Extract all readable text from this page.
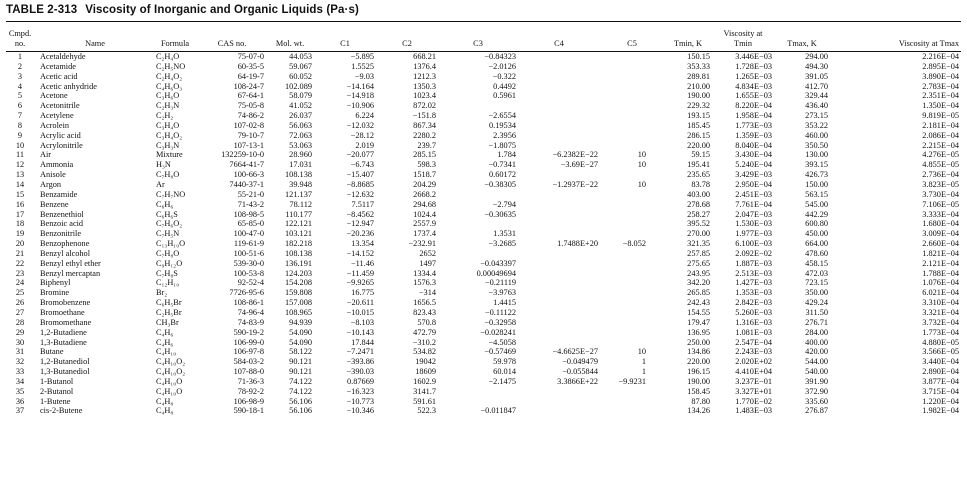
TABLE 2-313 Viscosity of Inorganic and Organic Liquids (Pa·s)
Cmpd. no.	Name	Formula	CAS no.	Mol. wt.	C1	C2	C3	C4	C5	Tmin, K	Viscosity at Tmin	Tmax, K	Viscosity at Tmax
1	Acetaldehyde	C₂H₄O	75-07-0	44.053	−5.895	668.21	−0.84323			150.15	3.446E−03	294.00	2.216E−04
2	Acetamide	C₂H₅NO	60-35-5	59.067	1.5525	1376.4	−2.0126			353.33	1.728E−03	494.30	2.895E−04
3	Acetic acid	C₂H₄O₂	64-19-7	60.052	−9.03	1212.3	−0.322			289.81	1.265E−03	391.05	3.890E−04
4	Acetic anhydride	C₄H₆O₃	108-24-7	102.089	−14.164	1350.3	0.4492			210.00	4.834E−03	412.70	2.783E−04
5	Acetone	C₃H₆O	67-64-1	58.079	−14.918	1023.4	0.5961			190.00	1.655E−03	329.44	2.351E−04
6	Acetonitrile	C₂H₃N	75-05-8	41.052	−10.906	872.02				229.32	8.220E−04	436.40	1.350E−04
7	Acetylene	C₂H₂	74-86-2	26.037	6.224	−151.8	−2.6554			193.15	1.958E−04	273.15	9.819E−05
8	Acrolein	C₃H₄O	107-02-8	56.063	−12.032	867.34	0.19534			185.45	1.773E−03	353.22	2.181E−04
9	Acrylic acid	C₃H₄O₂	79-10-7	72.063	−28.12	2280.2	2.3956			286.15	1.359E−03	460.00	2.086E−04
10	Acrylonitrile	C₃H₃N	107-13-1	53.063	2.019	239.7	−1.8075			220.00	8.040E−04	350.50	2.215E−04
11	Air	Mixture	132259-10-0	28.960	−20.077	285.15	1.784	−6.2382E−22	10	59.15	3.430E−04	130.00	4.276E−05
12	Ammonia	H₃N	7664-41-7	17.031	−6.743	598.3	−0.7341	−3.69E−27	10	195.41	5.240E−04	393.15	4.855E−05
13	Anisole	C₇H₈O	100-66-3	108.138	−15.407	1518.7	0.60172			235.65	3.429E−03	426.73	2.736E−04
14	Argon	Ar	7440-37-1	39.948	−8.8685	204.29	−0.38305	−1.2937E−22	10	83.78	2.950E−04	150.00	3.823E−05
15	Benzamide	C₇H₇NO	55-21-0	121.137	−12.632	2668.2				403.00	2.451E−03	563.15	3.730E−04
16	Benzene	C₆H₆	71-43-2	78.112	7.5117	294.68	−2.794			278.68	7.761E−04	545.00	7.106E−05
17	Benzenethiol	C₆H₆S	108-98-5	110.177	−8.4562	1024.4	−0.30635			258.27	2.047E−03	442.29	3.333E−04
18	Benzoic acid	C₇H₆O₂	65-85-0	122.121	−12.947	2557.9				395.52	1.530E−03	600.80	1.680E−04
19	Benzonitrile	C₇H₅N	100-47-0	103.121	−20.236	1737.4	1.3531			270.00	1.977E−03	450.00	3.009E−04
20	Benzophenone	C₁₃H₁₀O	119-61-9	182.218	13.354	−232.91	−3.2685	1.7488E+20	−8.052	321.35	6.100E−03	664.00	2.660E−04
21	Benzyl alcohol	C₇H₈O	100-51-6	108.138	−14.152	2652				257.85	2.092E−02	478.60	1.821E−04
22	Benzyl ethyl ether	C₉H₁₂O	539-30-0	136.191	−11.46	1497	−0.043397			275.65	1.887E−03	458.15	2.121E−04
23	Benzyl mercaptan	C₇H₈S	100-53-8	124.203	−11.459	1334.4	0.00049694			243.95	2.513E−03	472.03	1.788E−04
24	Biphenyl	C₁₂H₁₀	92-52-4	154.208	−9.9265	1576.3	−0.21119			342.20	1.427E−03	723.15	1.076E−04
25	Bromine	Br₂	7726-95-6	159.808	16.775	−314	−3.9763			265.85	1.353E−03	350.00	6.021E−04
26	Bromobenzene	C₆H₅Br	108-86-1	157.008	−20.611	1656.5	1.4415			242.43	2.842E−03	429.24	3.310E−04
27	Bromoethane	C₂H₅Br	74-96-4	108.965	−10.015	823.43	−0.11122			154.55	5.260E−03	311.50	3.321E−04
28	Bromomethane	CH₃Br	74-83-9	94.939	−8.103	570.8	−0.32958			179.47	1.316E−03	276.71	3.732E−04
29	1,2-Butadiene	C₄H₆	590-19-2	54.090	−10.143	472.79	−0.028241			136.95	1.081E−03	284.00	1.773E−04
30	1,3-Butadiene	C₄H₆	106-99-0	54.090	17.844	−310.2	−4.5058			250.00	2.547E−04	400.00	4.880E−05
31	Butane	C₄H₁₀	106-97-8	58.122	−7.2471	534.82	−0.57469	−4.6625E−27	10	134.86	2.243E−03	420.00	3.566E−05
32	1,2-Butanediol	C₄H₁₀O₂	584-03-2	90.121	−393.86	19042	59.978	−0.049479	1	220.00	2.020E+02	544.00	3.440E−04
33	1,3-Butanediol	C₄H₁₀O₂	107-88-0	90.121	−390.03	18609	60.014	−0.055844	1	196.15	4.410E+04	540.00	2.890E−04
34	1-Butanol	C₄H₁₀O	71-36-3	74.122	0.87669	1602.9	−2.1475	3.3866E+22	−9.9231	190.00	3.237E−01	391.90	3.877E−04
35	2-Butanol	C₄H₁₀O	78-92-2	74.122	−16.323	3141.7				158.45	3.327E+01	372.90	3.715E−04
36	1-Butene	C₄H₈	106-98-9	56.106	−10.773	591.61				87.80	1.770E−02	335.60	1.220E−04
37	cis-2-Butene	C₄H₈	590-18-1	56.106	−10.346	522.3	−0.011847			134.26	1.483E−03	276.87	1.982E−04
